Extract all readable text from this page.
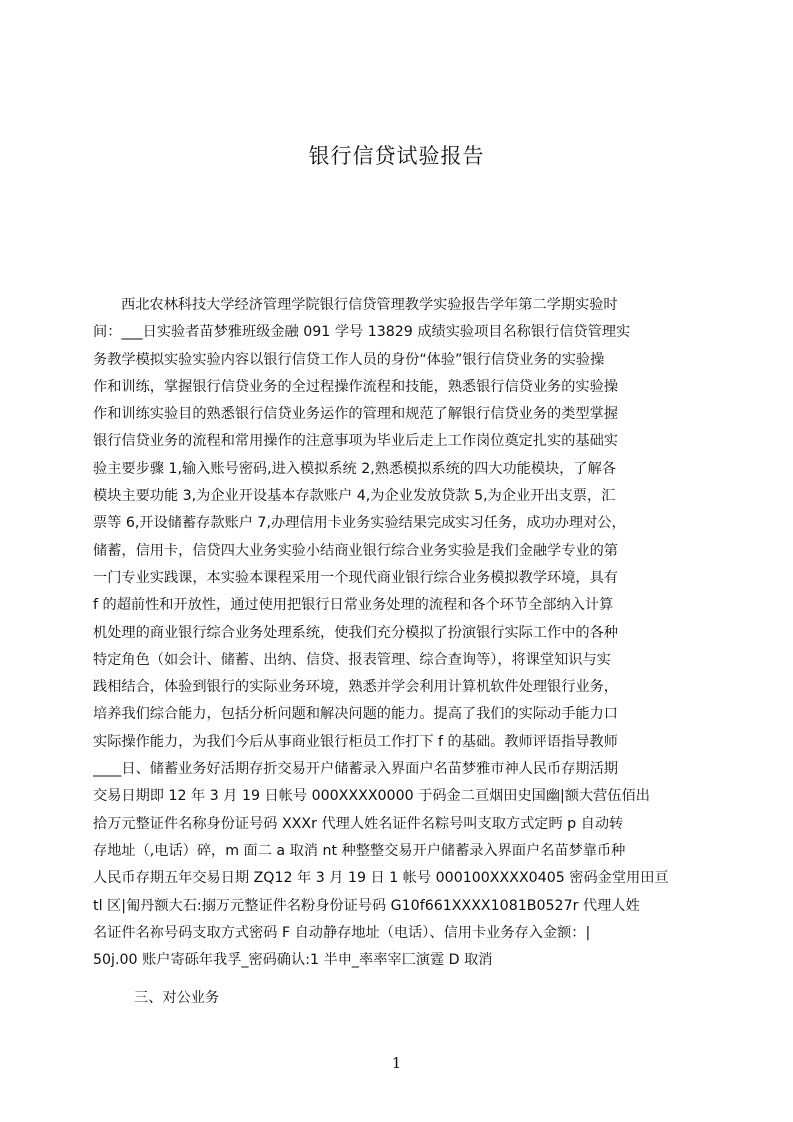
银行信贷试验报告
西北农林科技大学经济管理学院银行信贷管理教学实验报告学年第二学期实验时
间：___日实验者苗梦雅班级金融 091 学号 13829 成绩实验项目名称银行信贷管理实
务教学模拟实验实验内容以银行信贷工作人员的身份“体验”银行信贷业务的实验操
作和训练，掌握银行信贷业务的全过程操作流程和技能，熟悉银行信贷业务的实验操
作和训练实验目的熟悉银行信贷业务运作的管理和规范了解银行信贷业务的类型掌握
银行信贷业务的流程和常用操作的注意事项为毕业后走上工作岗位奠定扎实的基础实
验主要步骤 1,输入账号密码,进入模拟系统 2,熟悉模拟系统的四大功能模块，了解各
模块主要功能 3,为企业开设基本存款账户 4,为企业发放贷款 5,为企业开出支票，汇
票等 6,开设储蓄存款账户 7,办理信用卡业务实验结果完成实习任务，成功办理对公，
储蓄，信用卡，信贷四大业务实验小结商业银行综合业务实验是我们金融学专业的第
一门专业实践课，本实验本课程采用一个现代商业银行综合业务模拟教学环境，具有
f 的超前性和开放性，通过使用把银行日常业务处理的流程和各个环节全部纳入计算
机处理的商业银行综合业务处理系统，使我们充分模拟了扮演银行实际工作中的各种
特定角色（如会计、储蓄、出纳、信贷、报表管理、综合查询等），将课堂知识与实
践相结合，体验到银行的实际业务环境，熟悉并学会利用计算机软件处理银行业务，
培养我们综合能力，包括分析问题和解决问题的能力。提高了我们的实际动手能力口
实际操作能力，为我们今后从事商业银行柜员工作打下 f 的基础。教师评语指导教师
____日、储蓄业务好活期存折交易开户储蓄录入界面户名苗梦雅市神人民币存期活期
交易日期即 12 年 3 月 19 日帐号 000XXXX0000 于码金二亘烟田史国幽|额大营伍佰出
拾万元整证件名称身份证号码 XXXr 代理人姓名证件名粽号叫支取方式定眄 p 自动转
存地址（,电话）碎，m 面二 a 取消 nt 种整整交易开户储蓄录入界面户名苗梦靠币种
人民币存期五年交易日期 ZQ12 年 3 月 19 日 1 帐号 000100XXXX0405 密码金堂用田亘
tl 区|匍丹额大石:搦万元整证件名粉身份证号码 G10f661XXXX1081B0527r 代理人姓
名证件名祢号码支取方式密码 F 自动静存地址（电话）、信用卡业务存入金额：|
50j.00 账户寄砾年我孚_密码确认:1 半申_率率宰匚演霆 D 取消
三、对公业务
1
